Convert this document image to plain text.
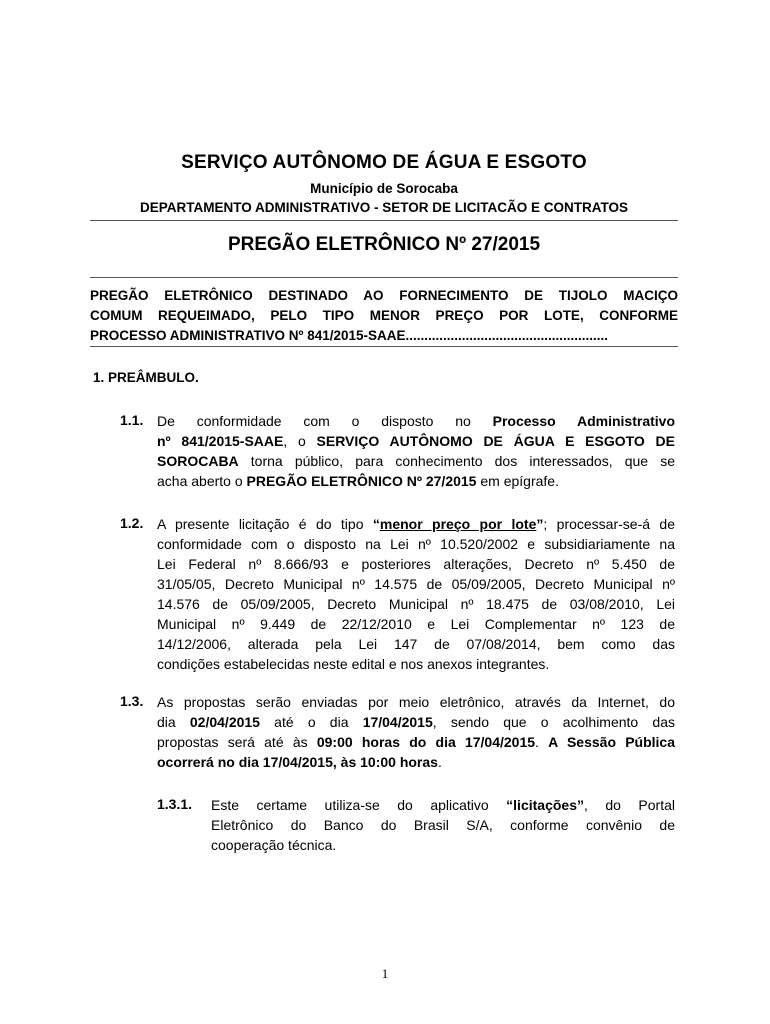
SERVIÇO AUTÔNOMO DE ÁGUA E ESGOTO
Município de Sorocaba
DEPARTAMENTO ADMINISTRATIVO - SETOR DE LICITACÃO E CONTRATOS
PREGÃO ELETRÔNICO Nº 27/2015
PREGÃO ELETRÔNICO DESTINADO AO FORNECIMENTO DE TIJOLO MACIÇO
COMUM REQUEIMADO, PELO TIPO MENOR PREÇO POR LOTE, CONFORME
PROCESSO ADMINISTRATIVO Nº 841/2015-SAAE......................................................
1. PREÂMBULO.
1.1. De conformidade com o disposto no Processo Administrativo
nº 841/2015-SAAE, o SERVIÇO AUTÔNOMO DE ÁGUA E ESGOTO DE
SOROCABA torna público, para conhecimento dos interessados, que se
acha aberto o PREGÃO ELETRÔNICO Nº 27/2015 em epígrafe.
1.2. A presente licitação é do tipo “menor preço por lote”; processar-se-á de
conformidade com o disposto na Lei nº 10.520/2002 e subsidiariamente na
Lei Federal nº 8.666/93 e posteriores alterações, Decreto nº 5.450 de
31/05/05, Decreto Municipal nº 14.575 de 05/09/2005, Decreto Municipal nº
14.576 de 05/09/2005, Decreto Municipal nº 18.475 de 03/08/2010, Lei
Municipal nº 9.449 de 22/12/2010 e Lei Complementar nº 123 de
14/12/2006, alterada pela Lei 147 de 07/08/2014, bem como das
condições estabelecidas neste edital e nos anexos integrantes.
1.3. As propostas serão enviadas por meio eletrônico, através da Internet, do
dia 02/04/2015 até o dia 17/04/2015, sendo que o acolhimento das
propostas será até às 09:00 horas do dia 17/04/2015. A Sessão Pública
ocorrerá no dia 17/04/2015, às 10:00 horas.
1.3.1. Este certame utiliza-se do aplicativo “licitações”, do Portal
Eletrônico do Banco do Brasil S/A, conforme convênio de
cooperação técnica.
1
